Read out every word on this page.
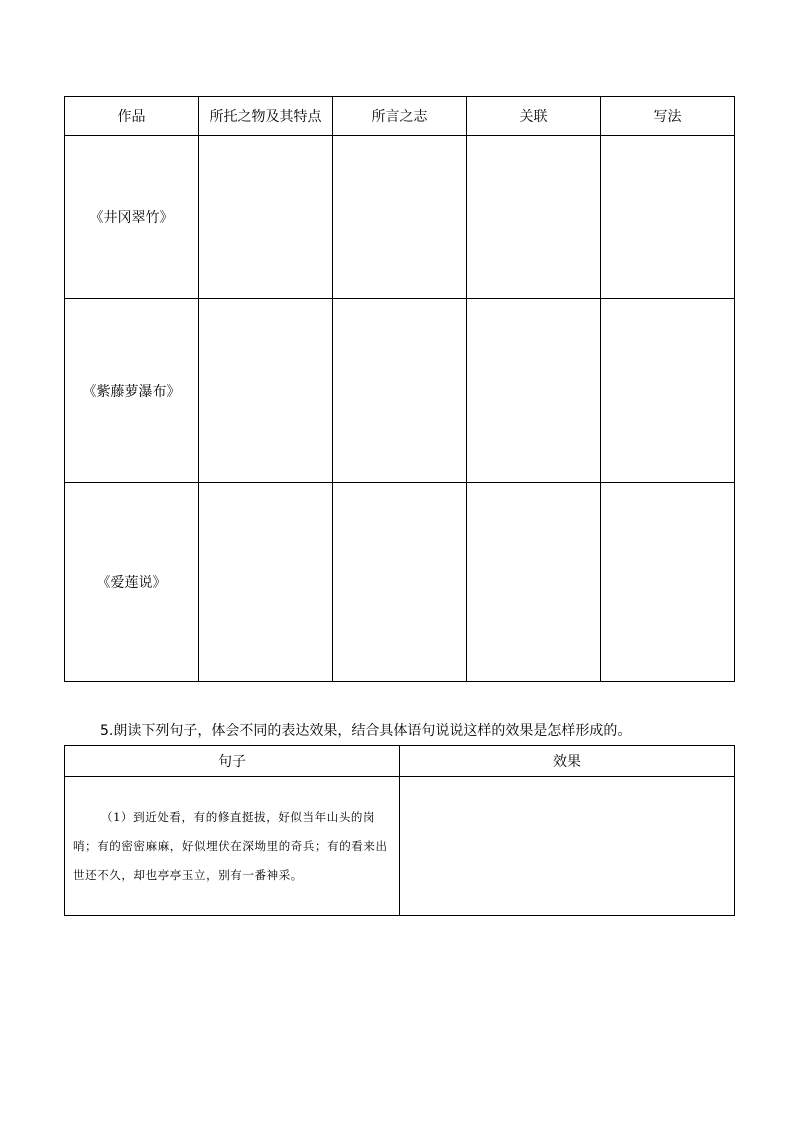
作品	所托之物及其特点	所言之志	关联	写法
《井冈翠竹》				
《紫藤萝瀑布》				
《爱莲说》				
5.朗读下列句子，体会不同的表达效果，结合具体语句说说这样的效果是怎样形成的。
句子	效果

（1）到近处看，有的修直挺拔，好似当年山头的岗哨；有的密密麻麻，好似埋伏在深坳里的奇兵；有的看来出世还不久，却也亭亭玉立，别有一番神采。	
